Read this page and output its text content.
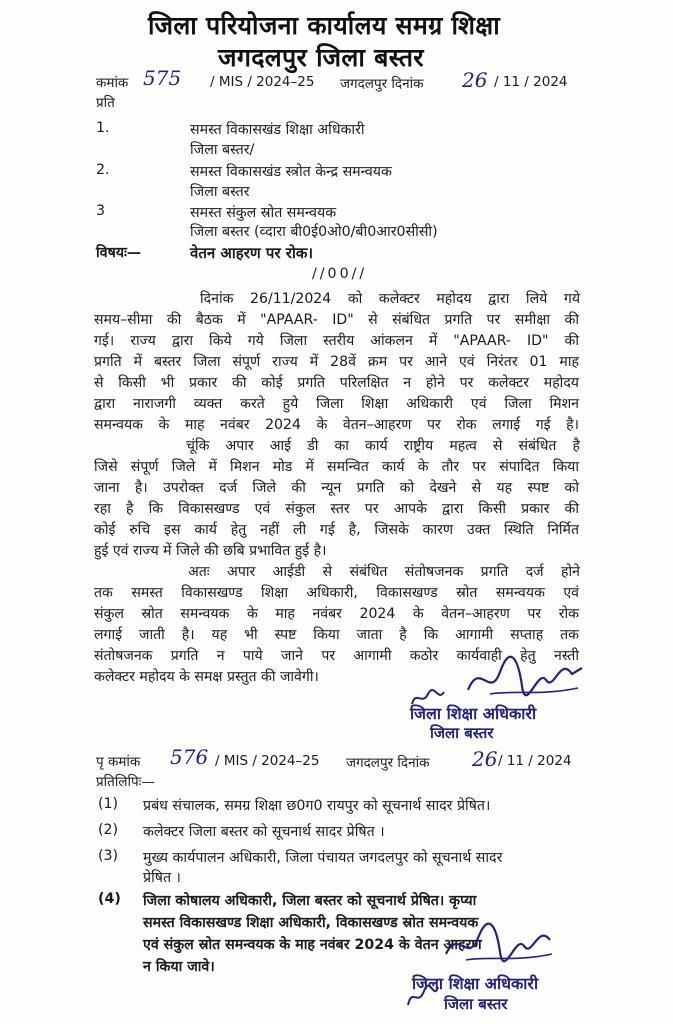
जिला परियोजना कार्यालय समग्र शिक्षा
जगदलपुर जिला बस्तर
कमांक 575 / MIS / 2024–25 जगदलपुर दिनांक 26 / 11 / 2024
प्रति
1.	समस्त विकासखंड शिक्षा अधिकारी
जिला बस्तर/
2.	समस्त विकासखंड स्त्रोत केन्द्र समन्वयक
जिला बस्तर
3	समस्त संकुल स्रोत समन्वयक
जिला बस्तर (व्दारा बी0ई0ओ0/बी0आर0सीसी)
विषयः—	वेतन आहरण पर रोक।
//00//
दिनांक 26/11/2024 को कलेक्टर महोदय द्वारा लिये गये
समय–सीमा की बैठक में "APAAR- ID" से संबंधित प्रगति पर समीक्षा की
गई। राज्य द्वारा किये गये जिला स्तरीय आंकलन में "APAAR- ID" की
प्रगति में बस्तर जिला संपूर्ण राज्य में 28वें क्रम पर आने एवं निरंतर 01 माह
से किसी भी प्रकार की कोई प्रगति परिलक्षित न होने पर कलेक्टर महोदय
द्वारा नाराजगी व्यक्त करते हुये जिला शिक्षा अधिकारी एवं जिला मिशन
समन्वयक के माह नवंबर 2024 के वेतन–आहरण पर रोक लगाई गई है।
चूंकि अपार आई डी का कार्य राष्ट्रीय महत्व से संबंधित है
जिसे संपूर्ण जिले में मिशन मोड में समन्वित कार्य के तौर पर संपादित किया
जाना है। उपरोक्त दर्ज जिले की न्यून प्रगति को देखने से यह स्पष्ट को
रहा है कि विकासखण्ड एवं संकुल स्तर पर आपके द्वारा किसी प्रकार की
कोई रुचि इस कार्य हेतु नहीं ली गई है, जिसके कारण उक्त स्थिति निर्मित
हुई एवं राज्य में जिले की छबि प्रभावित हुई है।
अतः अपार आईडी से संबंधित संतोषजनक प्रगति दर्ज होने
तक समस्त विकासखण्ड शिक्षा अधिकारी, विकासखण्ड स्रोत समन्वयक एवं
संकुल स्रोत समन्वयक के माह नवंबर 2024 के वेतन–आहरण पर रोक
लगाई जाती है। यह भी स्पष्ट किया जाता है कि आगामी सप्ताह तक
संतोषजनक प्रगति न पाये जाने पर आगामी कठोर कार्यवाही हेतु नस्ती
कलेक्टर महोदय के समक्ष प्रस्तुत की जावेगी।
जिला शिक्षा अधिकारी
जिला बस्तर
पृ कमांक 576 / MIS / 2024–25 जगदलपुर दिनांक 26 / 11 / 2024
प्रतिलिपिः—
(1) प्रबंध संचालक, समग्र शिक्षा छ0ग0 रायपुर को सूचनार्थ सादर प्रेषित।
(2) कलेक्टर जिला बस्तर को सूचनार्थ सादर प्रेषित ।
(3) मुख्य कार्यपालन अधिकारी, जिला पंचायत जगदलपुर को सूचनार्थ सादर
प्रेषित ।
(4) जिला कोषालय अधिकारी, जिला बस्तर को सूचनार्थ प्रेषित। कृप्या
समस्त विकासखण्ड शिक्षा अधिकारी, विकासखण्ड स्रोत समन्वयक
एवं संकुल स्रोत समन्वयक के माह नवंबर 2024 के वेतन आहरण
न किया जावे।
जिला शिक्षा अधिकारी
जिला बस्तर
